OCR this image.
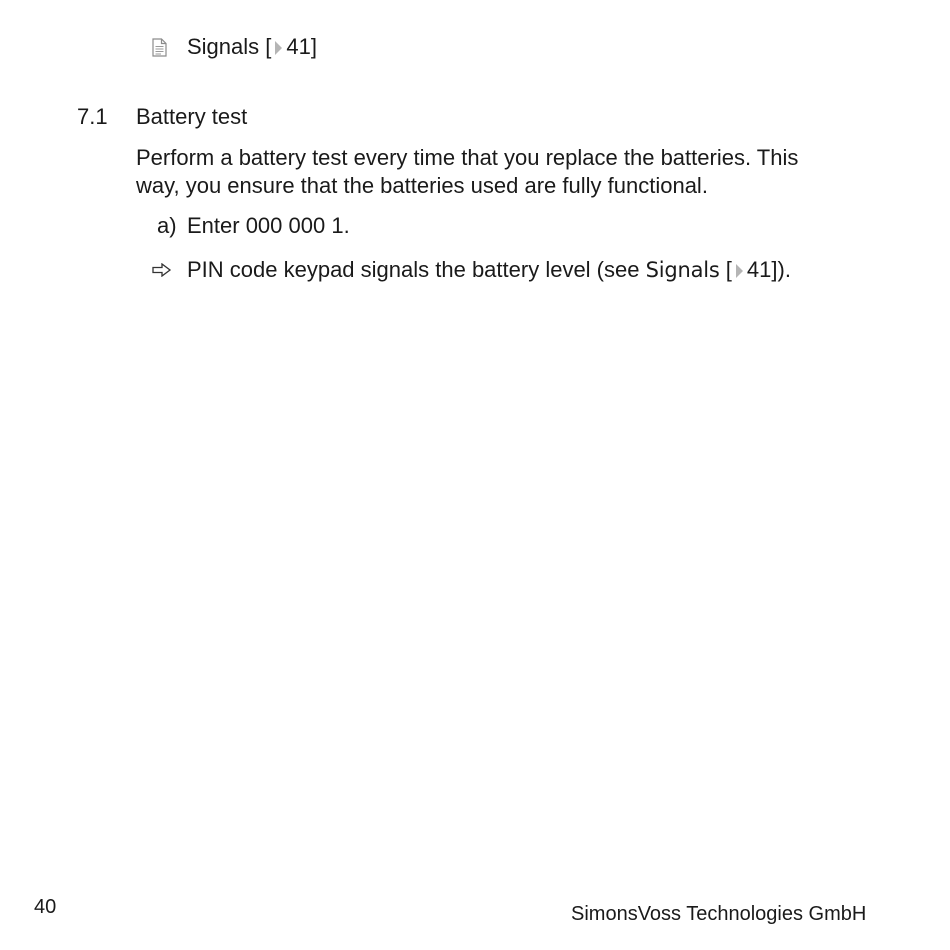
Signals [ 41]
7.1 Battery test
Perform a battery test every time that you replace the batteries. This
way, you ensure that the batteries used are fully functional.
a) Enter 000 000 1.
PIN code keypad signals the battery level (see Signals [ 41]).
40	SimonsVoss Technologies GmbH
